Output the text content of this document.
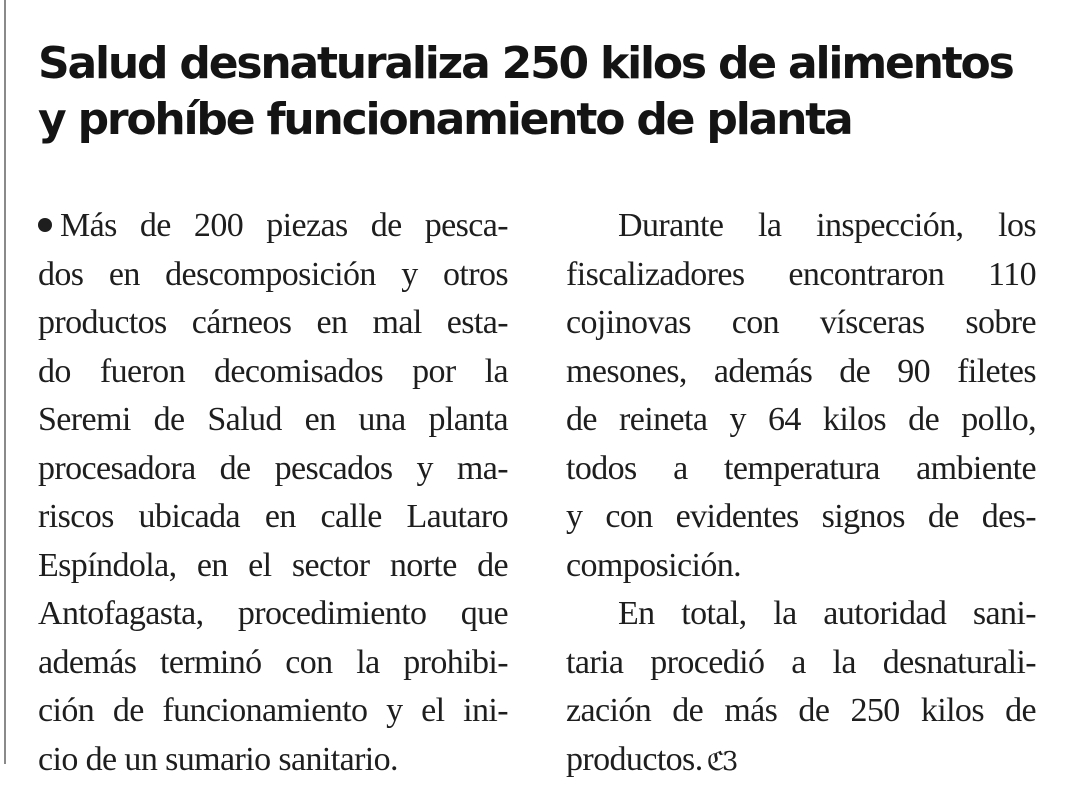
Salud desnaturaliza 250 kilos de alimentos
y prohíbe funcionamiento de planta
Más de 200 piezas de pesca-
dos en descomposición y otros
productos cárneos en mal esta-
do fueron decomisados por la
Seremi de Salud en una planta
procesadora de pescados y ma-
riscos ubicada en calle Lautaro
Espíndola, en el sector norte de
Antofagasta, procedimiento que
además terminó con la prohibi-
ción de funcionamiento y el ini-
cio de un sumario sanitario.
Durante la inspección, los
fiscalizadores encontraron 110
cojinovas con vísceras sobre
mesones, además de 90 filetes
de reineta y 64 kilos de pollo,
todos a temperatura ambiente
y con evidentes signos de des-
composición.
En total, la autoridad sani-
taria procedió a la desnaturali-
zación de más de 250 kilos de
productos. ℭ3
